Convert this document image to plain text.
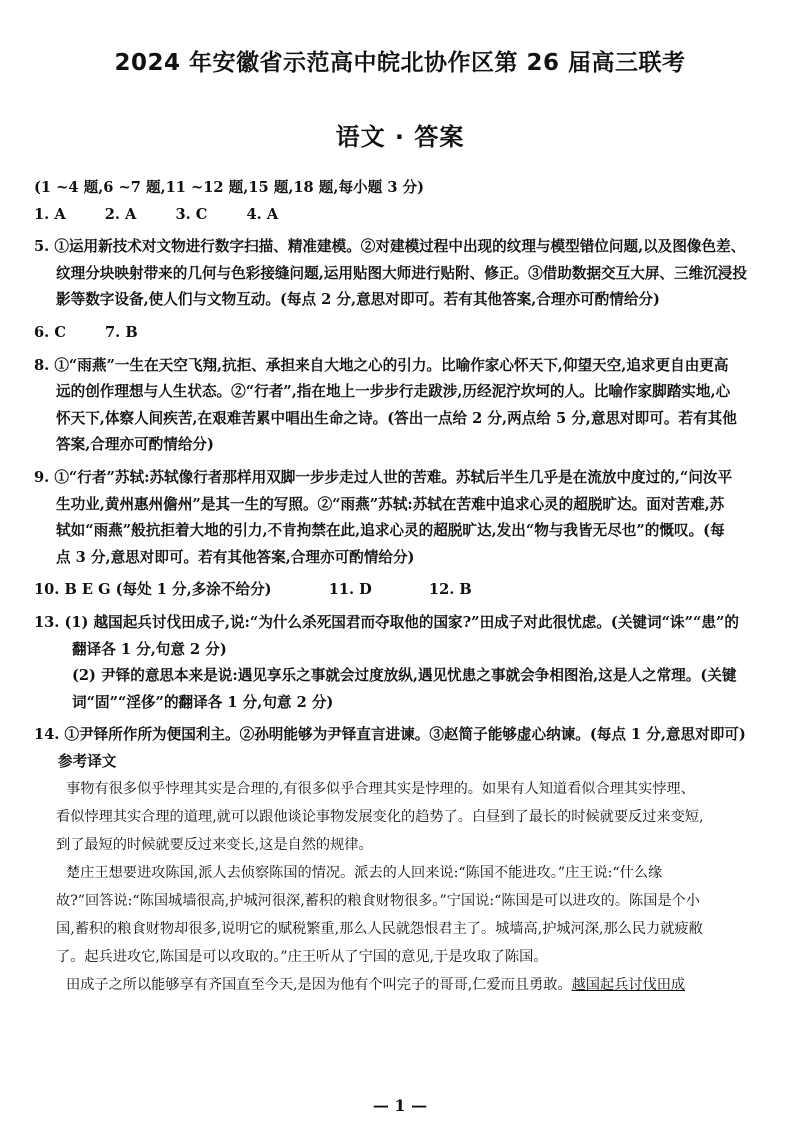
2024 年安徽省示范高中皖北协作区第 26 届高三联考
语文 · 答案
(1 ~4 题,6 ~7 题,11 ~12 题,15 题,18 题,每小题 3 分)
1. A	2. A	3. C	4. A
5. ①运用新技术对文物进行数字扫描、精准建模。②对建模过程中出现的纹理与模型错位问题,以及图像色差、
纹理分块映射带来的几何与色彩接缝问题,运用贴图大师进行贴附、修正。③借助数据交互大屏、三维沉浸投
影等数字设备,使人们与文物互动。(每点 2 分,意思对即可。若有其他答案,合理亦可酌情给分)
6. C	7. B
8. ①“雨燕”一生在天空飞翔,抗拒、承担来自大地之心的引力。比喻作家心怀天下,仰望天空,追求更自由更高
远的创作理想与人生状态。②“行者”,指在地上一步步行走跋涉,历经泥泞坎坷的人。比喻作家脚踏实地,心
怀天下,体察人间疾苦,在艰难苦累中唱出生命之诗。(答出一点给 2 分,两点给 5 分,意思对即可。若有其他
答案,合理亦可酌情给分)
9. ①“行者”苏轼:苏轼像行者那样用双脚一步步走过人世的苦难。苏轼后半生几乎是在流放中度过的,“问汝平
生功业,黄州惠州儋州”是其一生的写照。②“雨燕”苏轼:苏轼在苦难中追求心灵的超脱旷达。面对苦难,苏
轼如“雨燕”般抗拒着大地的引力,不肯拘禁在此,追求心灵的超脱旷达,发出“物与我皆无尽也”的慨叹。(每
点 3 分,意思对即可。若有其他答案,合理亦可酌情给分)
10. B E G (每处 1 分,多涂不给分)	11. D	12. B
13. (1) 越国起兵讨伐田成子,说:“为什么杀死国君而夺取他的国家?”田成子对此很忧虑。(关键词“诛”“患”的
翻译各 1 分,句意 2 分)
(2) 尹铎的意思本来是说:遇见享乐之事就会过度放纵,遇见忧患之事就会争相图治,这是人之常理。(关键
词“固”“淫侈”的翻译各 1 分,句意 2 分)
14. ①尹铎所作所为便国利主。②孙明能够为尹铎直言进谏。③赵简子能够虚心纳谏。(每点 1 分,意思对即可)
参考译文
事物有很多似乎悖理其实是合理的,有很多似乎合理其实是悖理的。如果有人知道看似合理其实悖理、
看似悖理其实合理的道理,就可以跟他谈论事物发展变化的趋势了。白昼到了最长的时候就要反过来变短,
到了最短的时候就要反过来变长,这是自然的规律。
楚庄王想要进攻陈国,派人去侦察陈国的情况。派去的人回来说:“陈国不能进攻。”庄王说:“什么缘
故?”回答说:“陈国城墙很高,护城河很深,蓄积的粮食财物很多。”宁国说:“陈国是可以进攻的。陈国是个小
国,蓄积的粮食财物却很多,说明它的赋税繁重,那么人民就怨恨君主了。城墙高,护城河深,那么民力就疲敝
了。起兵进攻它,陈国是可以攻取的。”庄王听从了宁国的意见,于是攻取了陈国。
田成子之所以能够享有齐国直至今天,是因为他有个叫完子的哥哥,仁爱而且勇敢。越国起兵讨伐田成
— 1 —
